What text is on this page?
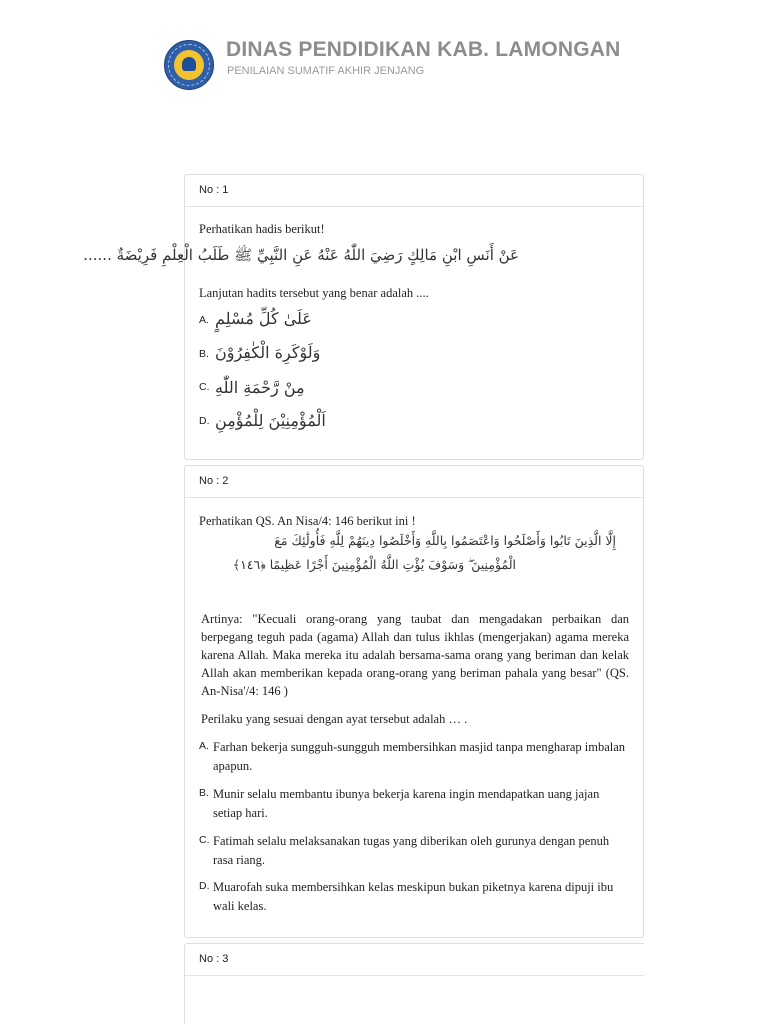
DINAS PENDIDIKAN KAB. LAMONGAN
PENILAIAN SUMATIF AKHIR JENJANG
No : 1
Perhatikan hadis berikut!
عَنْ أَنَسِ ابْنِ مَالِكٍ رَضِيَ اللّٰهُ عَنْهُ عَنِ النَّبِيِّ ﷺ طَلَبُ الْعِلْمِ فَرِيْضَةٌ ......
Lanjutan hadits tersebut yang benar adalah ....
A. عَلَىٰ كُلِّ مُسْلِمٍ
B. وَلَوْكَرِهَ الْكٰفِرُوْنَ
C. مِنْ رَّحْمَةِ اللّٰهِ
D. اَلْمُؤْمِنِيْنَ لِلْمُؤْمِنِ
No : 2
Perhatikan QS. An Nisa/4: 146 berikut ini !
إِلَّا الَّذِينَ تَابُوا وَأَصْلَحُوا وَاعْتَصَمُوا بِاللَّهِ وَأَخْلَصُوا دِينَهُمْ لِلَّهِ فَأُولَٰئِكَ مَعَ
الْمُؤْمِنِينَ ۖ وَسَوْفَ يُؤْتِ اللَّهُ الْمُؤْمِنِينَ أَجْرًا عَظِيمًا ﴿١٤٦﴾
Artinya: "Kecuali orang-orang yang taubat dan mengadakan perbaikan dan berpegang teguh pada (agama) Allah dan tulus ikhlas (mengerjakan) agama mereka karena Allah. Maka mereka itu adalah bersama-sama orang yang beriman dan kelak Allah akan memberikan kepada orang-orang yang beriman pahala yang besar" (QS. An-Nisa'/4: 146 )
Perilaku yang sesuai dengan ayat tersebut adalah … .
A. Farhan bekerja sungguh-sungguh membersihkan masjid tanpa mengharap imbalan apapun.
B. Munir selalu membantu ibunya bekerja karena ingin mendapatkan uang jajan setiap hari.
C. Fatimah selalu melaksanakan tugas yang diberikan oleh gurunya dengan penuh rasa riang.
D. Muarofah suka membersihkan kelas meskipun bukan piketnya karena dipuji ibu wali kelas.
No : 3
